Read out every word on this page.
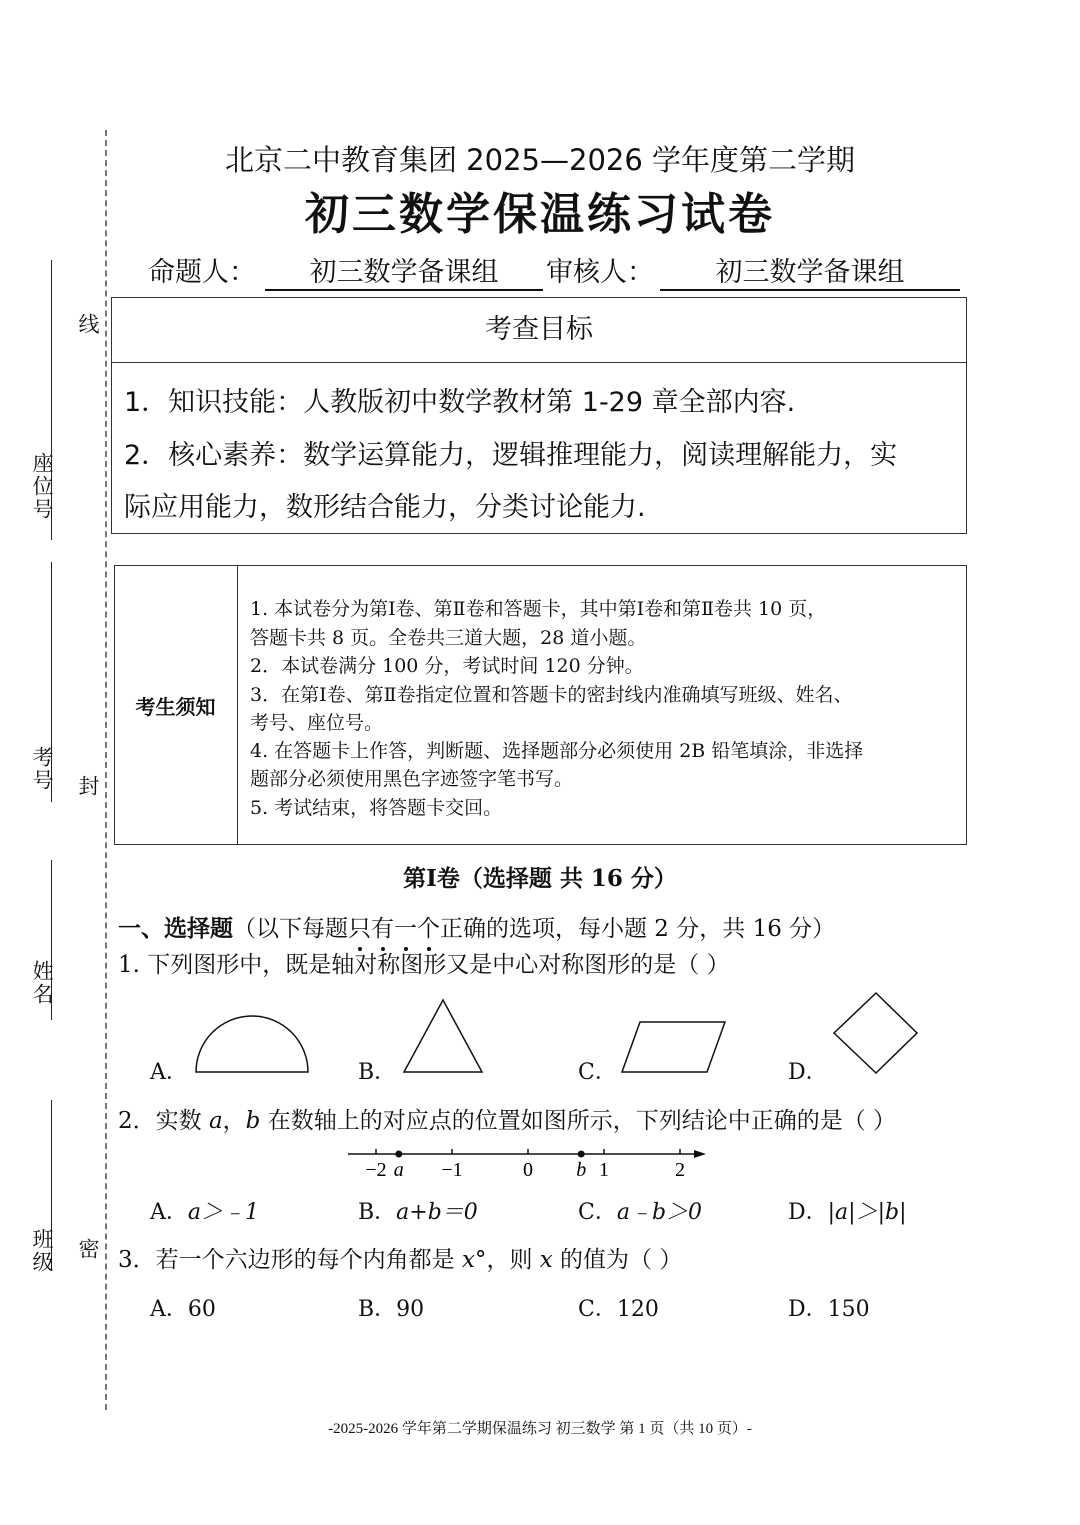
线
座位号
考号 封
姓名
班级 密
北京二中教育集团 2025—2026 学年度第二学期
初三数学保温练习试卷
命题人：	初三数学备课组	审核人：	初三数学备课组
考查目标
1．知识技能：人教版初中数学教材第 1-29 章全部内容.
2．核心素养：数学运算能力，逻辑推理能力，阅读理解能力，实
际应用能力，数形结合能力，分类讨论能力.
考生须知
1. 本试卷分为第Ⅰ卷、第Ⅱ卷和答题卡，其中第Ⅰ卷和第Ⅱ卷共 10 页，
答题卡共 8 页。全卷共三道大题，28 道小题。
2．本试卷满分 100 分，考试时间 120 分钟。
3．在第Ⅰ卷、第Ⅱ卷指定位置和答题卡的密封线内准确填写班级、姓名、
考号、座位号。
4. 在答题卡上作答，判断题、选择题部分必须使用 2B 铅笔填涂，非选择
题部分必须使用黑色字迹签字笔书写。
5. 考试结束，将答题卡交回。
第Ⅰ卷（选择题 共 16 分）
一、选择题（以下每题只
有
一
个
正确的选项，每小题 2 分，共 16 分）
1. 下列图形中，既是轴对称图形又是中心对称图形的是（ ）
A．	B．	C．	D．
2．实数 a，b 在数轴上的对应点的位置如图所示，下列结论中正确的是（ ）
−2	−1	0	1	2
a	b
A．a＞﹣1	B．a+b＝0	C．a﹣b＞0	D．|a|＞|b|
3．若一个六边形的每个内角都是 x°，则 x 的值为（ ）
A．60	B．90	C．120	D．150
-2025-2026 学年第二学期保温练习 初三数学 第 1 页（共 10 页）-
